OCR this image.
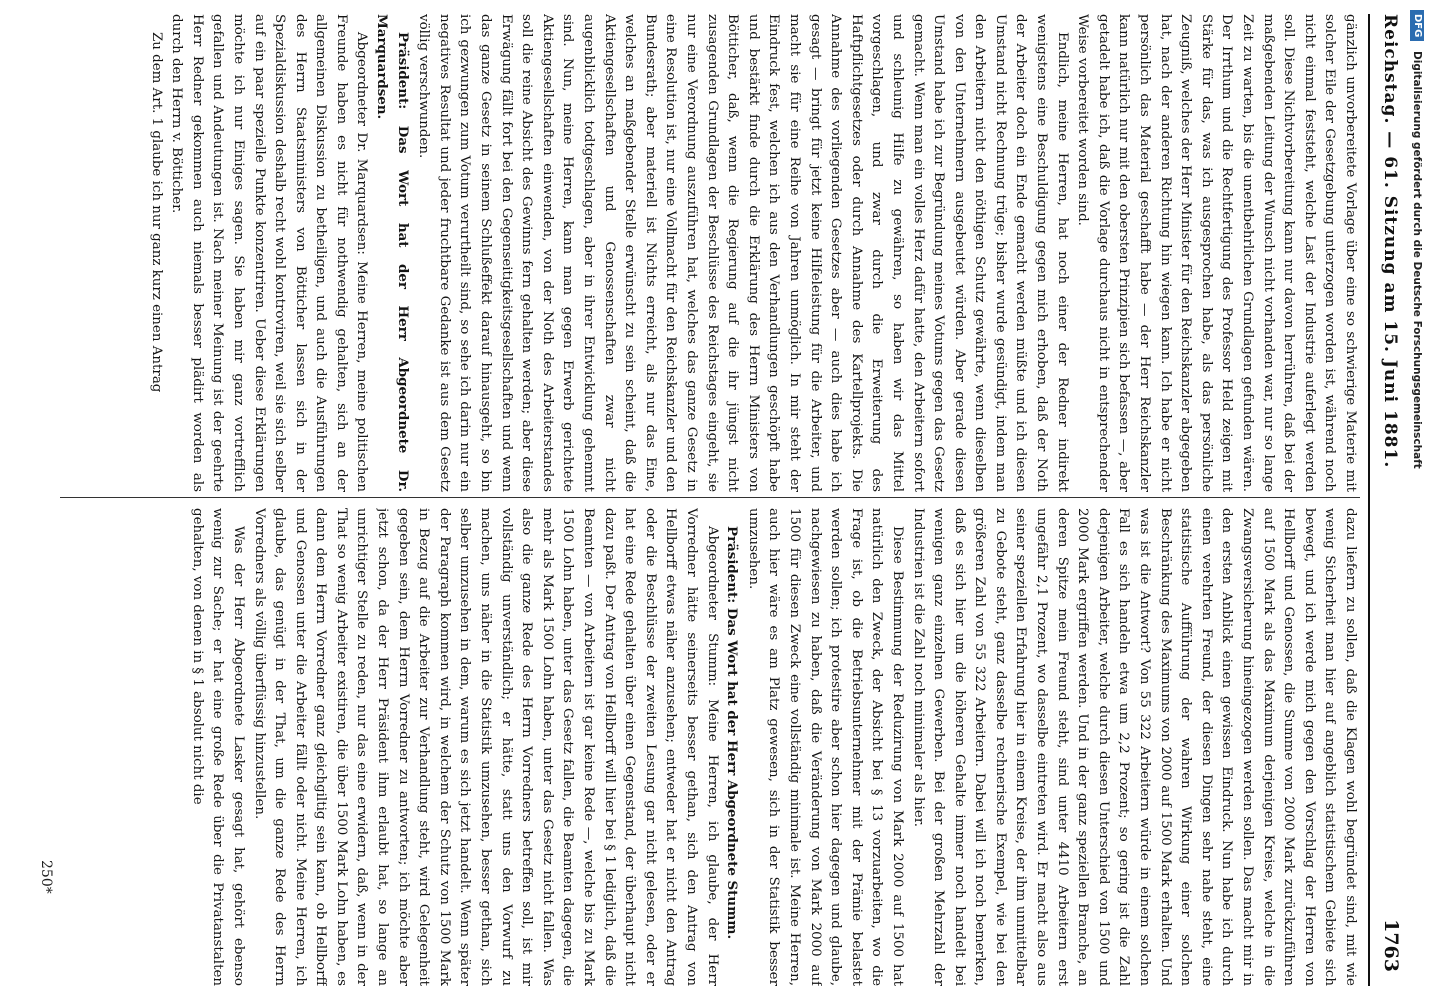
Reichstag. — 61. Sitzung am 15. Juni 1881.
1763

gänzlich unvorbereitete Vorlage über eine so schwierige Materie mit solcher Eile der Gesetzgebung unterzogen worden ist, während noch nicht einmal feststeht, welche Last der Industrie auferlegt werden soll. Diese Nichtvorbereitung kann nur davon herrühren, daß bei der maßgebenden Leitung der Wunsch nicht vorhanden war, nur so lange Zeit zu warten, bis die unentbehrlichen Grundlagen gefunden wären. Der Irrthum und die Rechtfertigung des Professor Held zeigen mit Stärke für das, was ich ausgesprochen habe, als das persönliche Zeugniß, welches der Herr Minister für den Reichskanzler abgegeben hat, nach der anderen Richtung hin wiegen kann. Ich habe er nicht persönlich das Material geschafft habe — der Herr Reichskanzler kann natürlich nur mit den obersten Prinzipien sich befassen —, aber getadelt habe ich, daß die Vorlage durchaus nicht in entsprechender Weise vorbereitet worden sind.

Endlich, meine Herren, hat noch einer der Redner indirekt wenigstens eine Beschuldigung gegen mich erhoben, daß der Noth der Arbeiter doch ein Ende gemacht werden müßte und ich diesen Umstand nicht Rechnung trüge; bisher wurde gesündigt, indem man den Arbeitern nicht den nöthigen Schutz gewährte, wenn dieselben von den Unternehmern ausgebeutet würden. Aber gerade diesen Umstand habe ich zur Begründung meines Votums gegen das Gesetz gemacht. Wenn man ein volles Herz dafür hatte, den Arbeitern sofort und schleunig Hilfe zu gewähren, so haben wir das Mittel vorgeschlagen, und zwar durch die Erweiterung des Haftpflichtgesetzes oder durch Annahme des Kartellprojekts. Die Annahme des vorliegenden Gesetzes aber — auch dies habe ich gesagt — bringt für jetzt keine Hilfeleistung für die Arbeiter, und macht sie für eine Reihe von Jahren unmöglich. In mir steht der Eindruck fest, welchen ich aus den Verhandlungen geschöpft habe und bestärkt finde durch die Erklärung des Herrn Ministers von Bötticher, daß, wenn die Regierung auf die ihr jüngst nicht zusagenden Grundlagen der Beschlüsse des Reichstages eingeht, sie nur eine Verordnung auszuführen hat, welches das ganze Gesetz in eine Resolution ist, nur eine Vollmacht für den Reichskanzler und den Bundesrath; aber materiell ist Nichts erreicht, als nur das Eine, welches an maßgebender Stelle erwünscht zu sein scheint, daß die Aktiengesellschaften und Genossenschaften zwar nicht augenblicklich todtgeschlagen, aber in ihrer Entwicklung gehemmt sind. Nun, meine Herren, kann man gegen Erwerb gerichtete Aktiengesellschaften einwenden, von der Noth des Arbeiterstandes soll die reine Absicht des Gewinns fern gehalten werden; aber diese Erwägung fällt fort bei den Gegenseitigkeitsgesellschaften und wenn das ganze Gesetz in seinem Schlußeffekt darauf hinausgeht, so bin ich gezwungen zum Votum verurtheilt sind, so sehe ich darin nur ein negatives Resultat und jeder fruchtbare Gedanke ist aus dem Gesetz völlig verschwunden.

Präsident: Das Wort hat der Herr Abgeordnete Dr. Marquardsen.

Abgeordneter Dr. Marquardsen: Meine Herren, meine politischen Freunde haben es nicht für nothwendig gehalten, sich an der allgemeinen Diskussion zu betheiligen, und auch die Ausführungen des Herrn Staatsministers von Bötticher lassen sich in der Spezialdiskussion deshalb recht wohl kontroviren, weil sie sich selber auf ein paar spezielle Punkte konzentriren. Ueber diese Erklärungen möchte ich nur Einiges sagen. Sie haben mir ganz vortrefflich gefallen und Andeutungen ist. Nach meiner Meinung ist der geehrte Herr Redner gekommen auch niemals besser plädirt worden als durch den Herrn v. Bötticher.

Zu dem Art. 1 glaube ich nur ganz kurz einen Antrag

dazu liefern zu sollen, daß die Klagen wohl begründet sind, mit wie wenig Sicherheit man hier auf angeblich statistischem Gebiete sich bewegt, und ich werde mich gegen den Vorschlag der Herren von Hellborff und Genossen, die Summe von 2000 Mark zurückzuführen auf 1500 Mark als das Maximum derjenigen Kreise, welche in die Zwangsversicherung hineingezogen werden sollen. Das macht mir in den ersten Anblick einen gewissen Eindruck. Nun habe ich durch einen verehrten Freund, der diesen Dingen sehr nahe steht, eine statistische Aufführung der wahren Wirkung einer solchen Beschränkung des Maximums von 2000 auf 1500 Mark erhalten. Und was ist die Antwort? Von 55 322 Arbeitern würde in einem solchen Fall es sich handeln etwa um 2,2 Prozent; so gering ist die Zahl derjenigen Arbeiter, welche durch diesen Unterschied von 1500 und 2000 Mark ergriffen werden. Und in der ganz speziellen Branche, an deren Spitze mein Freund steht, sind unter 4410 Arbeitern erst ungefähr 2,1 Prozent, wo dasselbe eintreten wird. Er macht also aus seiner speziellen Erfahrung hier in einem Kreise, der ihm unmittelbar zu Gebote steht, ganz dasselbe rechnerische Exempel, wie bei den größeren Zahl von 55 322 Arbeitern. Dabei will ich noch bemerken, daß es sich hier um die höheren Gehalte immer noch handelt bei wenigen ganz einzelnen Gewerben. Bei der großen Mehrzahl der Industrien ist die Zahl noch minimaler als hier.

Diese Bestimmung der Reduzirung von Mark 2000 auf 1500 hat natürlich den Zweck, der Absicht bei § 13 vorzuarbeiten, wo die Frage ist, ob die Betriebsunternehmer mit der Prämie belastet werden sollen; ich protestire aber schon hier dagegen und glaube, nachgewiesen zu haben, daß die Veränderung von Mark 2000 auf 1500 für diesen Zweck eine vollständig minimale ist. Meine Herren, auch hier wäre es am Platz gewesen, sich in der Statistik besser umzusehen.

Präsident: Das Wort hat der Herr Abgeordnete Stumm.

Abgeordneter Stumm: Meine Herren, ich glaube, der Herr Vorredner hätte seinerseits besser gethan, sich den Antrag von Hellborff etwas näher anzusehen; entweder hat er nicht den Antrag oder die Beschlüsse der zweiten Lesung gar nicht gelesen, oder er hat eine Rede gehalten über einen Gegenstand, der überhaupt nicht dazu paßt. Der Antrag von Hellborff will hier bei § 1 lediglich, daß die Beamten — von Arbeitern ist gar keine Rede —, welche bis zu Mark 1500 Lohn haben, unter das Gesetz fallen, die Beamten dagegen, die mehr als Mark 1500 Lohn haben, unter das Gesetz nicht fallen. Was also die ganze Rede des Herrn Vorredners betreffen soll, ist mir vollständig unverständlich; er hätte, statt uns den Vorwurf zu machen, uns näher in die Statistik umzusehen, besser gethan, sich selber umzusehen in dem, warum es sich jetzt handelt. Wenn später der Paragraph kommen wird, in welchem der Schutz von 1500 Mark in Bezug auf die Arbeiter zur Verhandlung steht, wird Gelegenheit gegeben sein, dem Herrn Vorredner zu antworten; ich möchte aber jetzt schon, da der Herr Präsident ihm erlaubt hat, so lange an unrichtiger Stelle zu reden, nur das eine erwidern, daß, wenn in der That so wenig Arbeiter existiren, die über 1500 Mark Lohn haben, es dann dem Herrn Vorredner ganz gleichgiltig sein kann, ob Hellborff und Genossen unter die Arbeiter fällt oder nicht. Meine Herren, ich glaube, das genügt in der That, um die ganze Rede des Herrn Vorredners als völlig überflüssig hinzustellen.

Was der Herr Abgeordnete Lasker gesagt hat, gehört ebenso wenig zur Sache; er hat eine große Rede über die Privatanstalten gehalten, von denen in § 1 absolut nicht die

250*
DFG Digitalisierung gefördert durch die Deutsche Forschungsgemeinschaft
